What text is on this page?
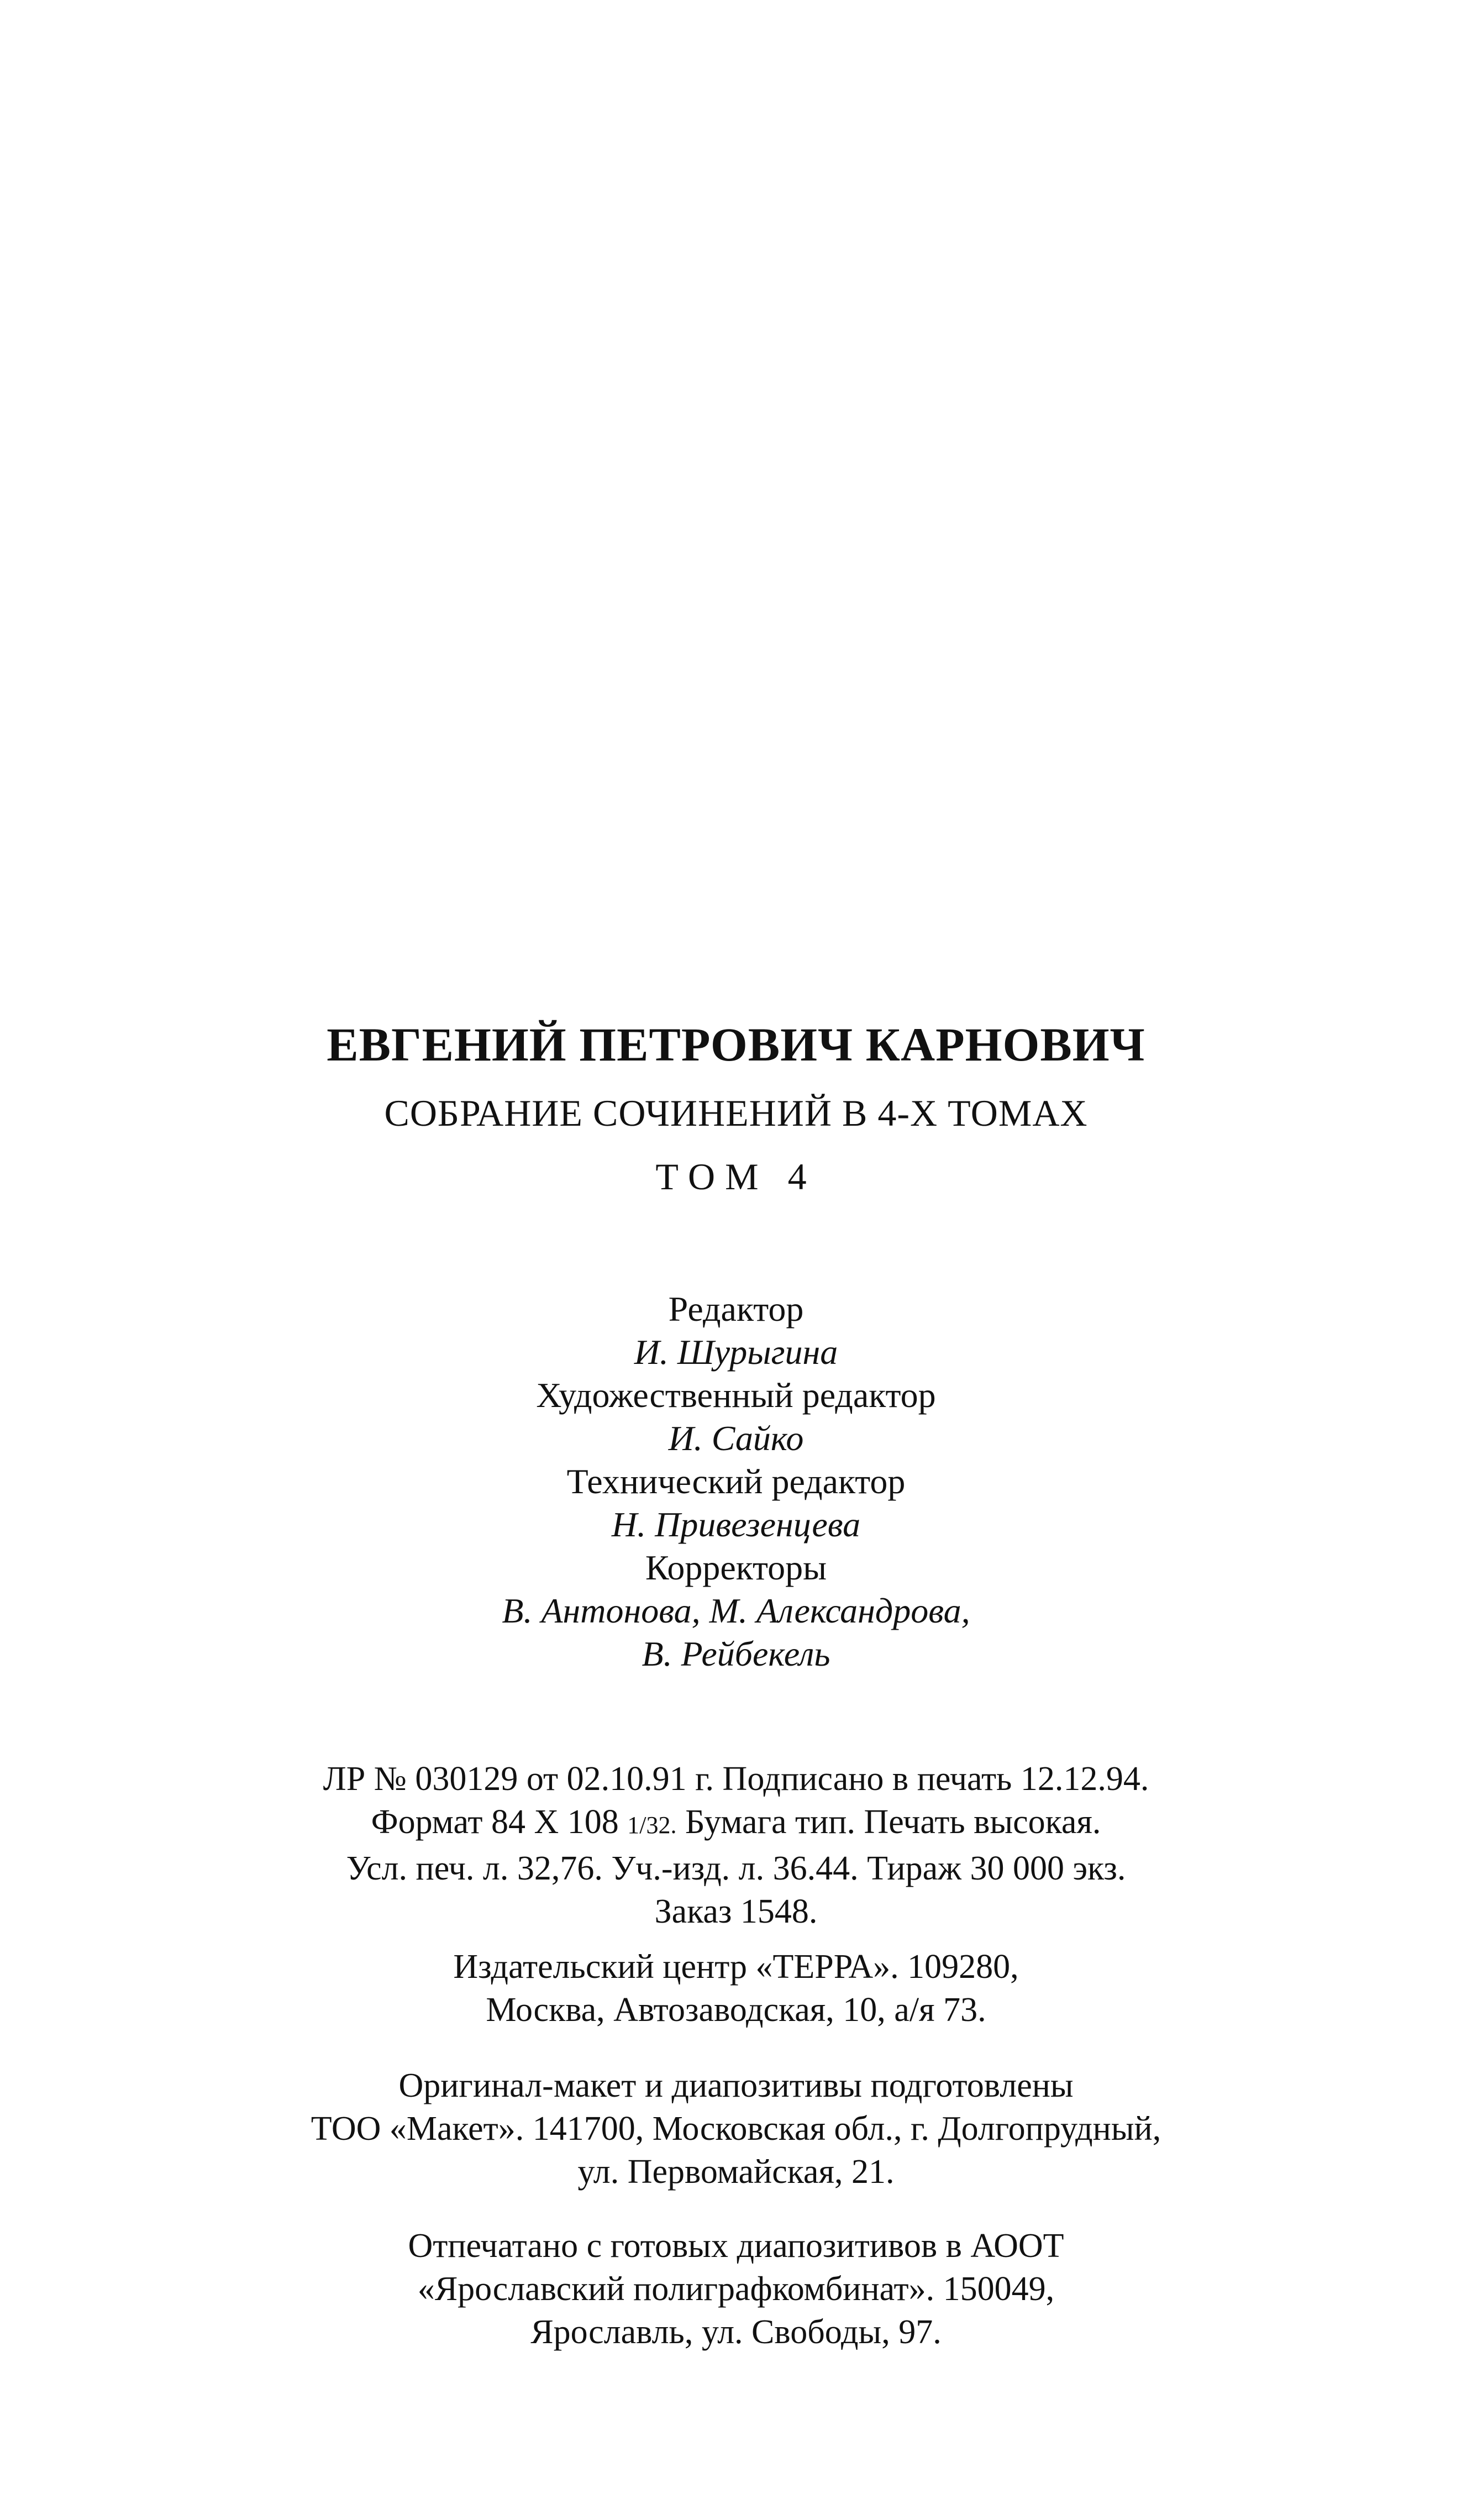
ЕВГЕНИЙ ПЕТРОВИЧ КАРНОВИЧ
СОБРАНИЕ СОЧИНЕНИЙ В 4-Х ТОМАХ
ТОМ 4
Редактор
И. Шурыгина
Художественный редактор
И. Сайко
Технический редактор
Н. Привезенцева
Корректоры
В. Антонова, М. Александрова,
В. Рейбекель
ЛР № 030129 от 02.10.91 г. Подписано в печать 12.12.94.
Формат 84 Х 108 1/32. Бумага тип. Печать высокая.
Усл. печ. л. 32,76. Уч.-изд. л. 36.44. Тираж 30 000 экз.
Заказ 1548.
Издательский центр «ТЕРРА». 109280,
Москва, Автозаводская, 10, а/я 73.
Оригинал-макет и диапозитивы подготовлены
ТОО «Макет». 141700, Московская обл., г. Долгопрудный,
ул. Первомайская, 21.
Отпечатано с готовых диапозитивов в АООТ
«Ярославский полиграфкомбинат». 150049,
Ярославль, ул. Свободы, 97.
